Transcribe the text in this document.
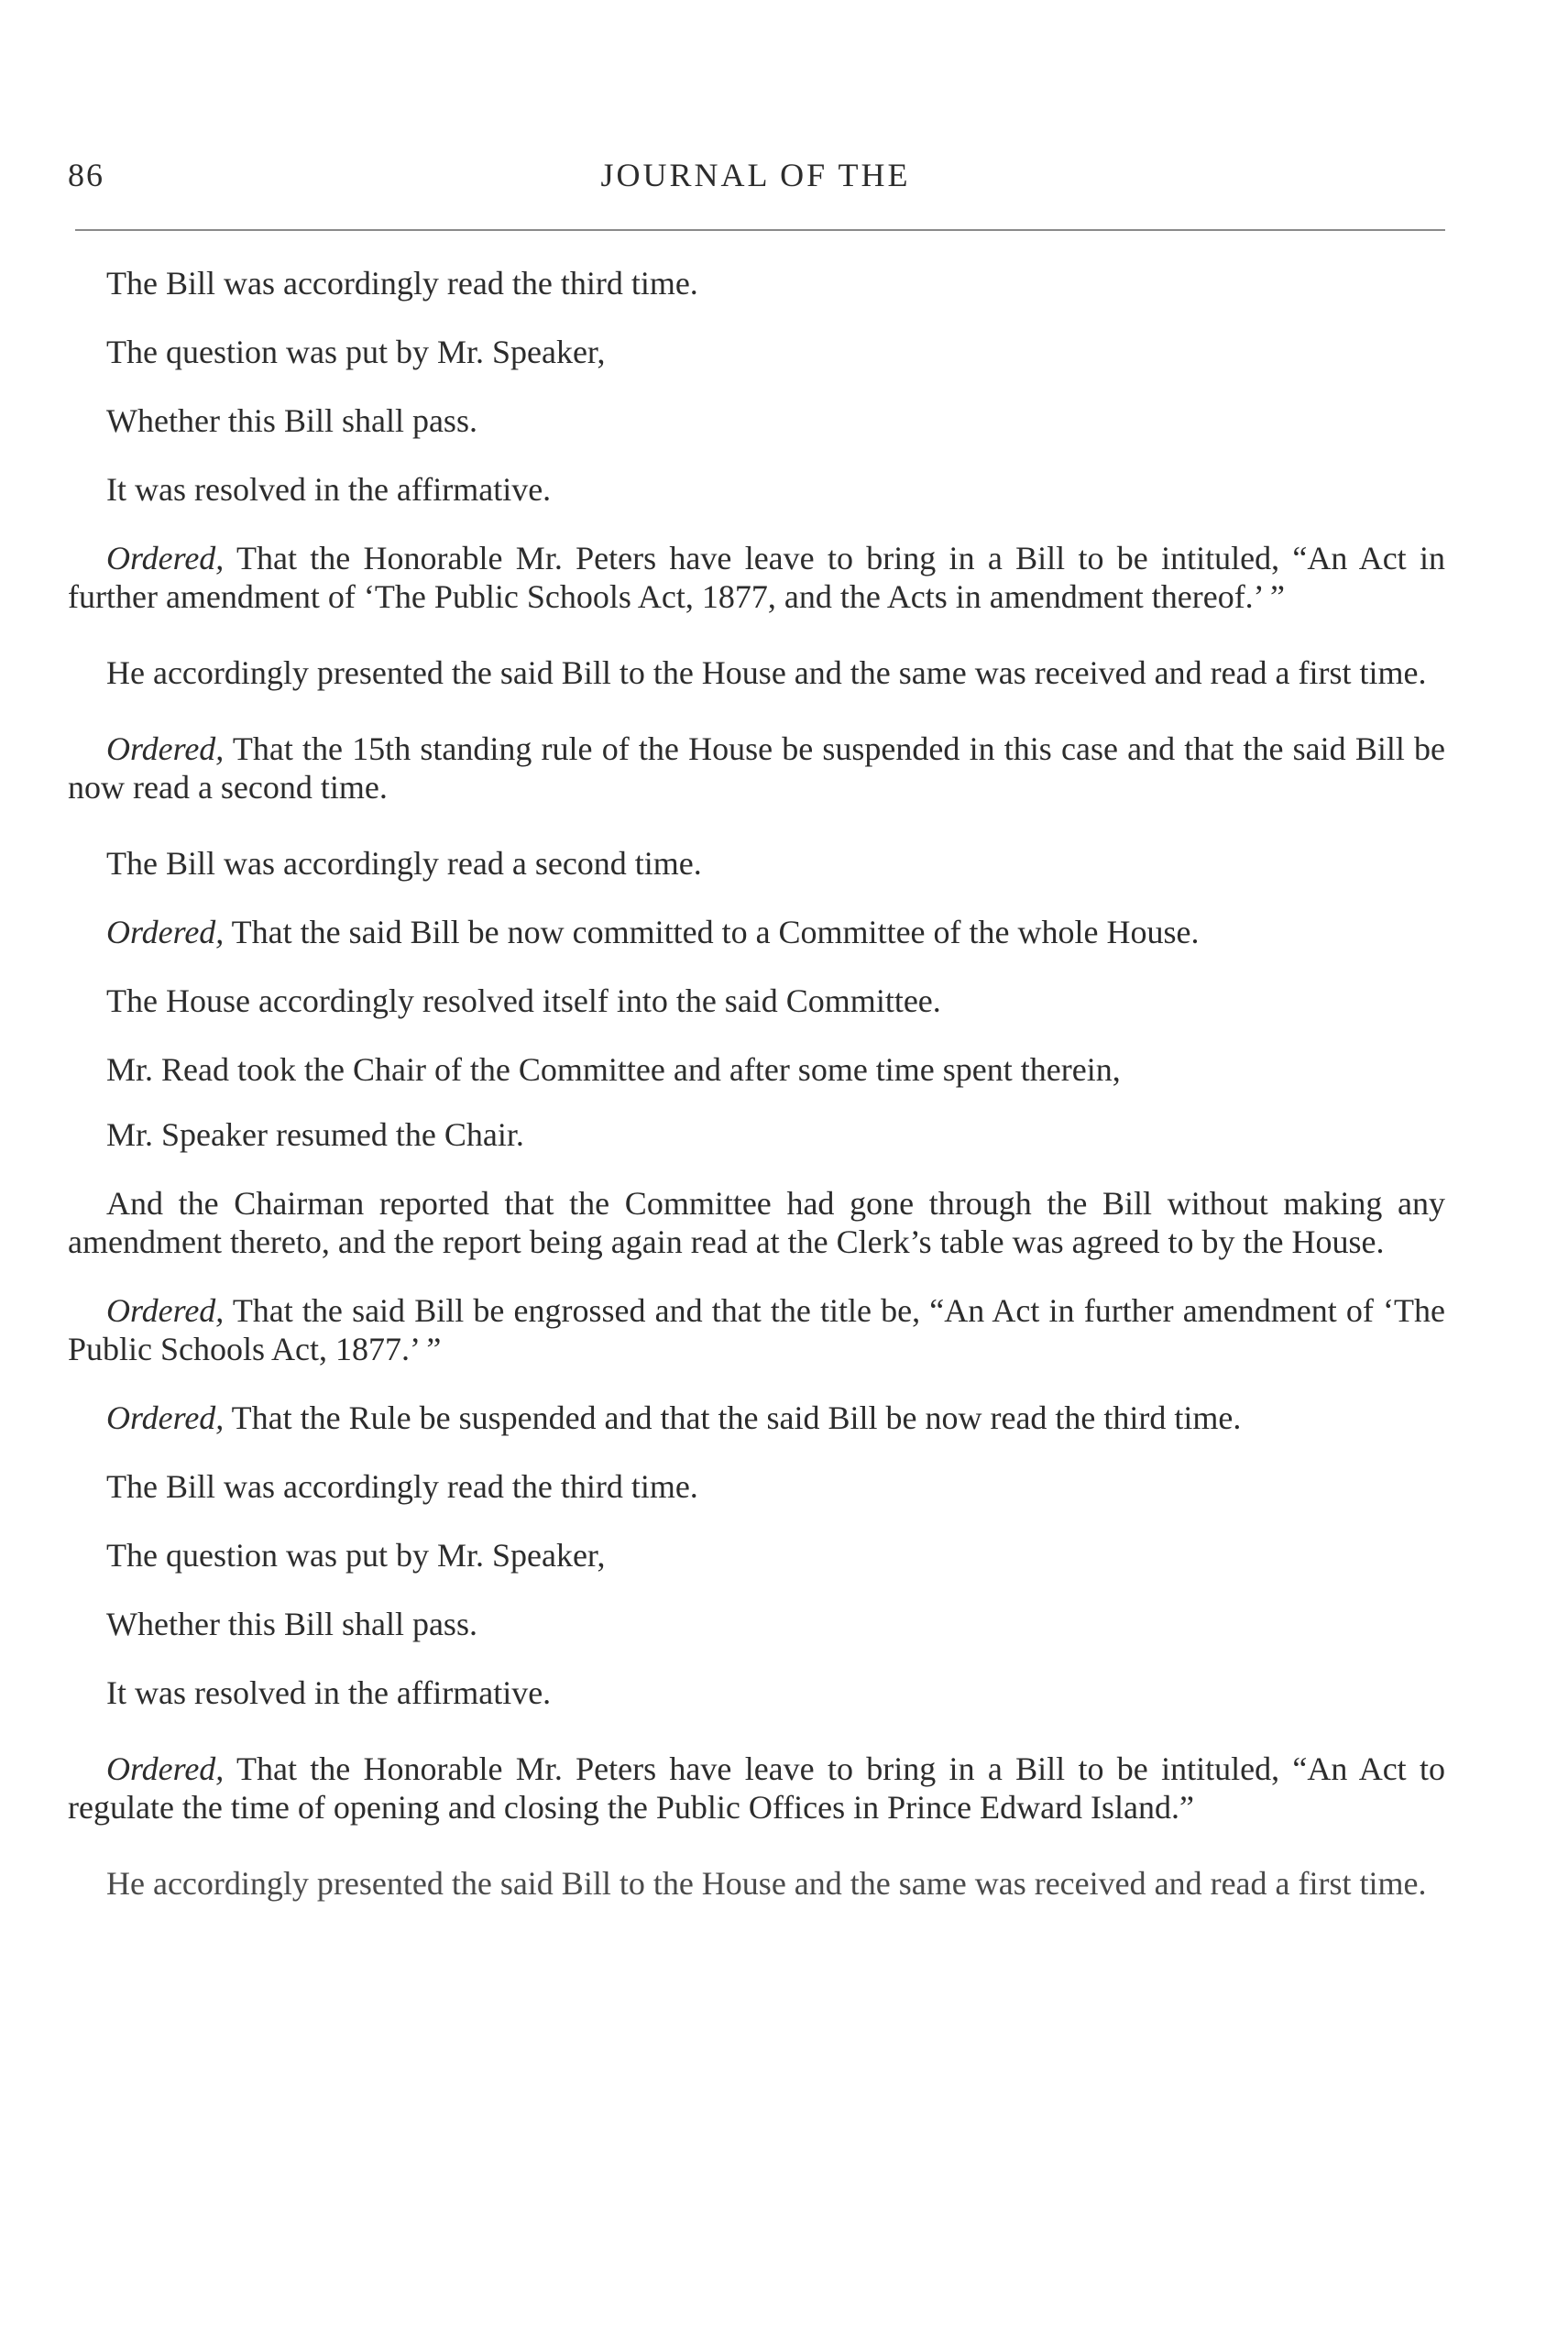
86	JOURNAL OF THE

The Bill was accordingly read the third time.

The question was put by Mr. Speaker,

Whether this Bill shall pass.

It was resolved in the affirmative.

Ordered, That the Honorable Mr. Peters have leave to bring in a Bill to be intituled, “An Act in further amendment of ‘The Public Schools Act, 1877, and the Acts in amendment thereof.’ ”

He accordingly presented the said Bill to the House and the same was received and read a first time.

Ordered, That the 15th standing rule of the House be suspended in this case and that the said Bill be now read a second time.

The Bill was accordingly read a second time.

Ordered, That the said Bill be now committed to a Committee of the whole House.

The House accordingly resolved itself into the said Committee.

Mr. Read took the Chair of the Committee and after some time spent therein,

Mr. Speaker resumed the Chair.

And the Chairman reported that the Committee had gone through the Bill without making any amendment thereto, and the report being again read at the Clerk’s table was agreed to by the House.

Ordered, That the said Bill be engrossed and that the title be, “An Act in further amendment of ‘The Public Schools Act, 1877.’ ”

Ordered, That the Rule be suspended and that the said Bill be now read the third time.

The Bill was accordingly read the third time.

The question was put by Mr. Speaker,

Whether this Bill shall pass.

It was resolved in the affirmative.

Ordered, That the Honorable Mr. Peters have leave to bring in a Bill to be intituled, “An Act to regulate the time of opening and closing the Public Offices in Prince Edward Island.”

He accordingly presented the said Bill to the House and the same was received and read a first time.
